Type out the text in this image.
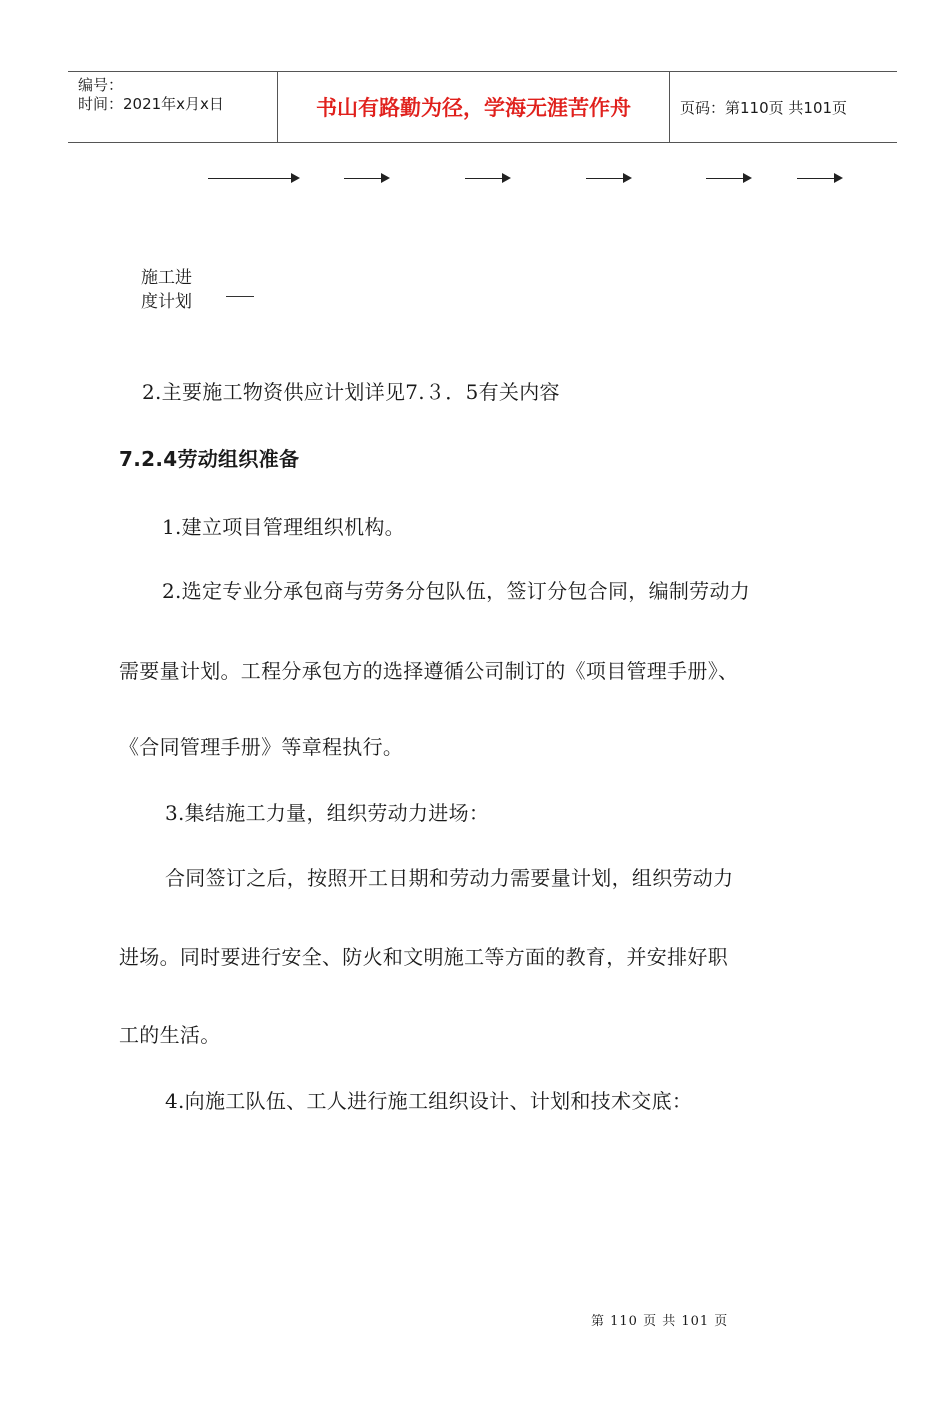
编号：
时间：2021年x月x日	书山有路勤为径，学海无涯苦作舟	页码：第110页 共101页
施工进
度计划
2.主要施工物资供应计划详见7.３．5有关内容
7.2.4劳动组织准备
1.建立项目管理组织机构。
2.选定专业分承包商与劳务分包队伍，签订分包合同，编制劳动力
需要量计划。工程分承包方的选择遵循公司制订的《项目管理手册》、
《合同管理手册》等章程执行。
3.集结施工力量，组织劳动力进场：
合同签订之后，按照开工日期和劳动力需要量计划，组织劳动力
进场。同时要进行安全、防火和文明施工等方面的教育，并安排好职
工的生活。
4.向施工队伍、工人进行施工组织设计、计划和技术交底：
第 110 页 共 101 页
